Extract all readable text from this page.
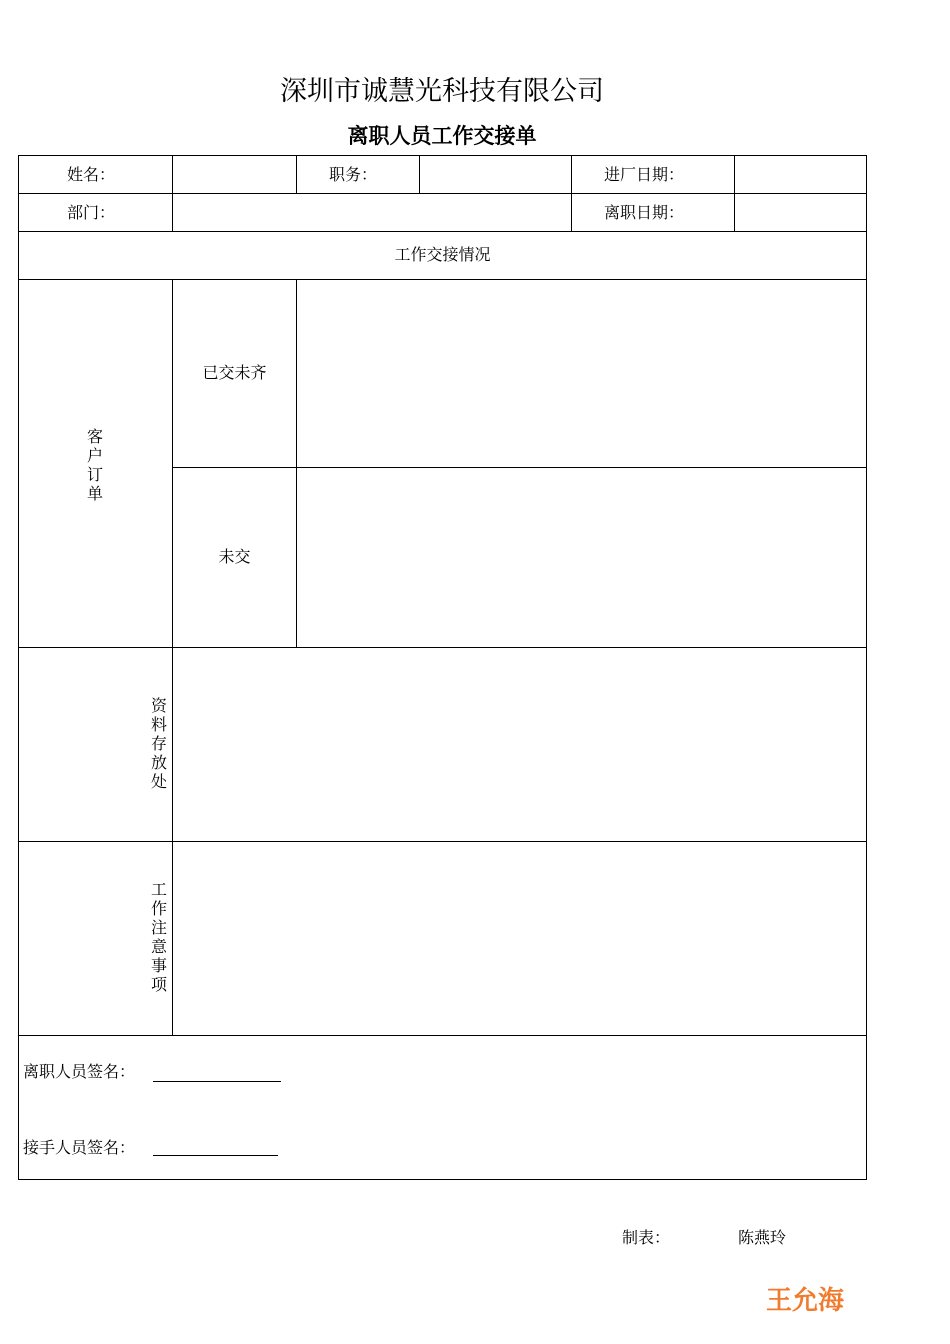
深圳市诚慧光科技有限公司
离职人员工作交接单
姓名：	职务：	进厂日期：
部门：	离职日期：
工作交接情况
客户订单
已交未齐
未交
资料存放处
工作注意事项
离职人员签名：
接手人员签名：
制表：	陈燕玲
王允海
